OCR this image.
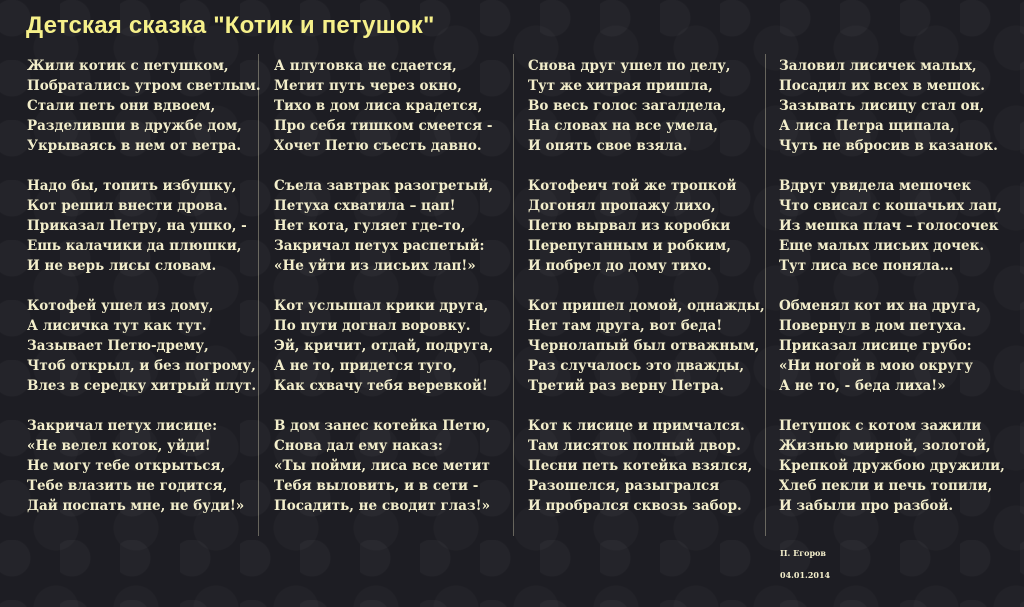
Детская сказка "Котик и петушок"
Жили котик с петушком,
Побратались утром светлым.
Стали петь они вдвоем,
Разделивши в дружбе дом,
Укрываясь в нем от ветра.
Надо бы, топить избушку,
Кот решил внести дрова.
Приказал Петру, на ушко, -
Ешь калачики да плюшки,
И не верь лисы словам.
Котофей ушел из дому,
А лисичка тут как тут.
Зазывает Петю-дрему,
Чтоб открыл, и без погрому,
Влез в середку хитрый плут.
Закричал петух лисице:
«Не велел коток, уйди!
Не могу тебе открыться,
Тебе влазить не годится,
Дай поспать мне, не буди!»
А плутовка не сдается,
Метит путь через окно,
Тихо в дом лиса крадется,
Про себя тишком смеется -
Хочет Петю съесть давно.
Съела завтрак разогретый,
Петуха схватила – цап!
Нет кота, гуляет где-то,
Закричал петух распетый:
«Не уйти из лисьих лап!»
Кот услышал крики друга,
По пути догнал воровку.
Эй, кричит, отдай, подруга,
А не то, придется туго,
Как схвачу тебя веревкой!
В дом занес котейка Петю,
Снова дал ему наказ:
«Ты пойми, лиса все метит
Тебя выловить, и в сети -
Посадить, не сводит глаз!»
Снова друг ушел по делу,
Тут же хитрая пришла,
Во весь голос загалдела,
На словах на все умела,
И опять свое взяла.
Котофеич той же тропкой
Догонял пропажу лихо,
Петю вырвал из коробки
Перепуганным и робким,
И побрел до дому тихо.
Кот пришел домой, однажды,
Нет там друга, вот беда!
Чернолапый был отважным,
Раз случалось это дважды,
Третий раз верну Петра.
Кот к лисице и примчался.
Там лисяток полный двор.
Песни петь котейка взялся,
Разошелся, разыгрался
И пробрался сквозь забор.
Заловил лисичек малых,
Посадил их всех в мешок.
Зазывать лисицу стал он,
А лиса Петра щипала,
Чуть не вбросив в казанок.
Вдруг увидела мешочек
Что свисал с кошачьих лап,
Из мешка плач – голосочек
Еще малых лисьих дочек.
Тут лиса все поняла…
Обменял кот их на друга,
Повернул в дом петуха.
Приказал лисице грубо:
«Ни ногой в мою округу
А не то, - беда лиха!»
Петушок с котом зажили
Жизнью мирной, золотой,
Крепкой дружбою дружили,
Хлеб пекли и печь топили,
И забыли про разбой.
П. Егоров
04.01.2014
